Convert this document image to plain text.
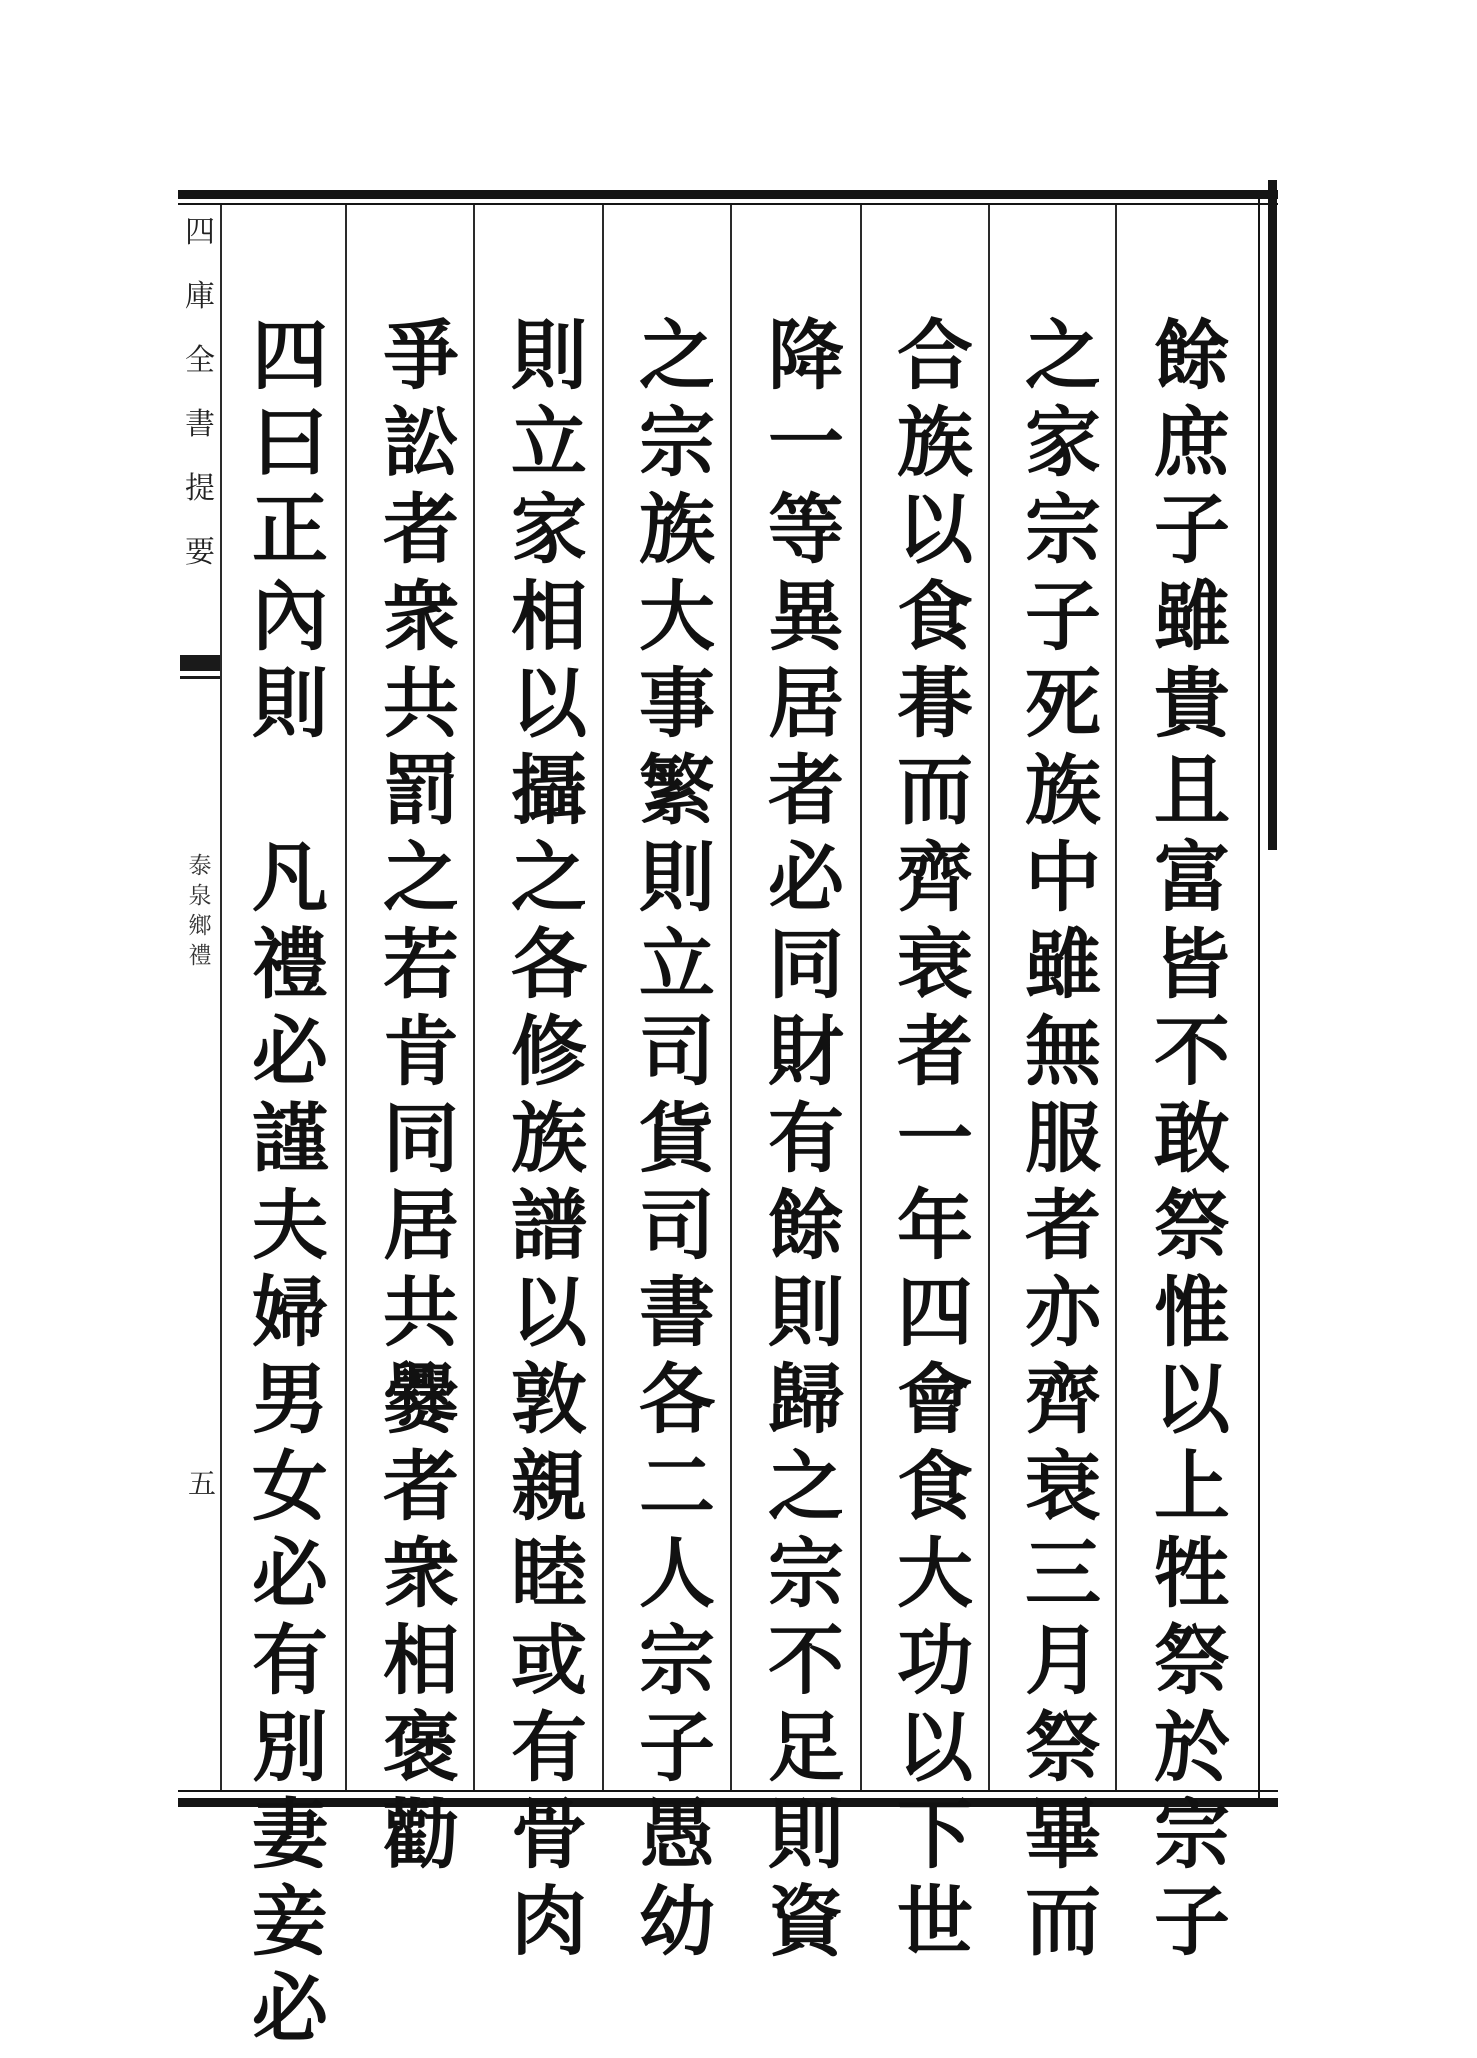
四
庫
全
書
提
要
泰
泉
鄉
禮
五
餘
庶
子
雖
貴
且
富
皆
不
敢
祭
惟
以
上
牲
祭
於
宗
子
之
家
宗
子
死
族
中
雖
無
服
者
亦
齊
衰
三
月
祭
畢
而
合
族
以
食
朞
而
齊
衰
者
一
年
四
會
食
大
功
以
下
世
降
一
等
異
居
者
必
同
財
有
餘
則
歸
之
宗
不
足
則
資
之
宗
族
大
事
繁
則
立
司
貨
司
書
各
二
人
宗
子
愚
幼
則
立
家
相
以
攝
之
各
修
族
譜
以
敦
親
睦
或
有
骨
肉
爭
訟
者
衆
共
罰
之
若
肯
同
居
共
爨
者
衆
相
褒
勸
四
曰
正
內
則
凡
禮
必
謹
夫
婦
男
女
必
有
別
妻
妾
必
